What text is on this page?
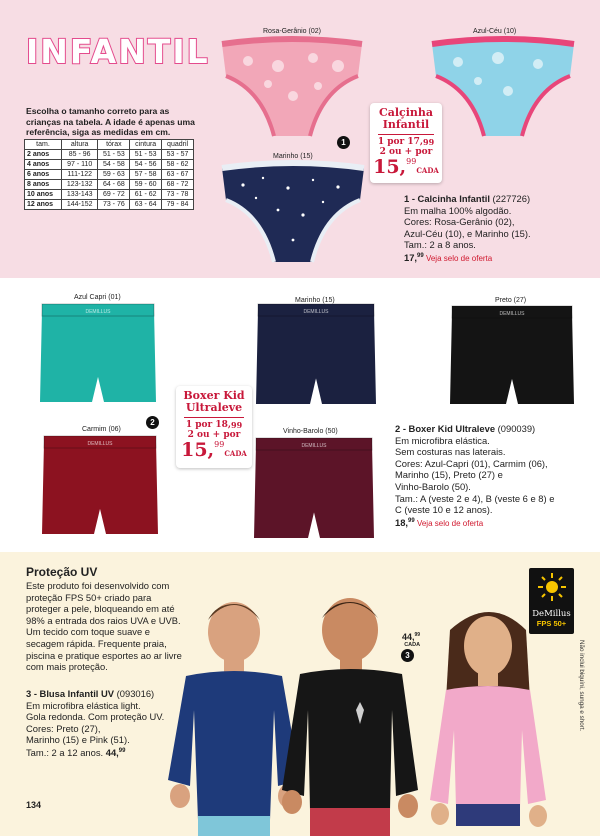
INFANTIL
Escolha o tamanho correto para as crianças na tabela. A idade é apenas uma referência, siga as medidas em cm.
tam.	altura	tórax	cintura	quadril
2 anos	85 - 96	51 - 53	51 - 53	53 - 57
4 anos	97 - 110	54 - 58	54 - 56	58 - 62
6 anos	111-122	59 - 63	57 - 58	63 - 67
8 anos	123-132	64 - 68	59 - 60	68 - 72
10 anos	133-143	69 - 72	61 - 62	73 - 78
12 anos	144-152	73 - 76	63 - 64	79 - 84
Rosa-Gerânio (02)	Azul-Céu (10)
Marinho (15)
1
Calçinha
Infantil
1 por 17,99
2 ou + por
15,99CADA
1 - Calcinha Infantil (227726)
Em malha 100% algodão.
Cores: Rosa-Gerânio (02),
Azul-Céu (10), e Marinho (15).
Tam.: 2 a 8 anos.
17,99 Veja selo de oferta
Azul Capri (01)	Marinho (15)	Preto (27)
Carmim (06)	Vinho-Barolo (50)
DEMILLUS	DEMILLUS	DEMILLUS
DEMILLUS	DEMILLUS
2
Boxer Kid
Ultraleve
1 por 18,99
2 ou + por
15,99CADA
2 - Boxer Kid Ultraleve (090039)
Em microfibra elástica.
Sem costuras nas laterais.
Cores: Azul-Capri (01), Carmim (06),
Marinho (15), Preto (27) e
Vinho-Barolo (50).
Tam.: A (veste 2 e 4), B (veste 6 e 8) e
C (veste 10 e 12 anos).
18,99 Veja selo de oferta
Proteção UV
Este produto foi desenvolvido com proteção FPS 50+ criado para proteger a pele, bloqueando em até 98% a entrada dos raios UVA e UVB. Um tecido com toque suave e secagem rápida. Frequente praia, piscina e pratique esportes ao ar livre com mais proteção.
3 - Blusa Infantil UV (093016)
Em microfibra elástica light.
Gola redonda. Com proteção UV.
Cores: Preto (27),
Marinho (15) e Pink (51).
Tam.: 2 a 12 anos. 44,99
44,99
CADA
3
DeMillus
FPS 50+
Não inclui biquíni, sunga e short.
134
